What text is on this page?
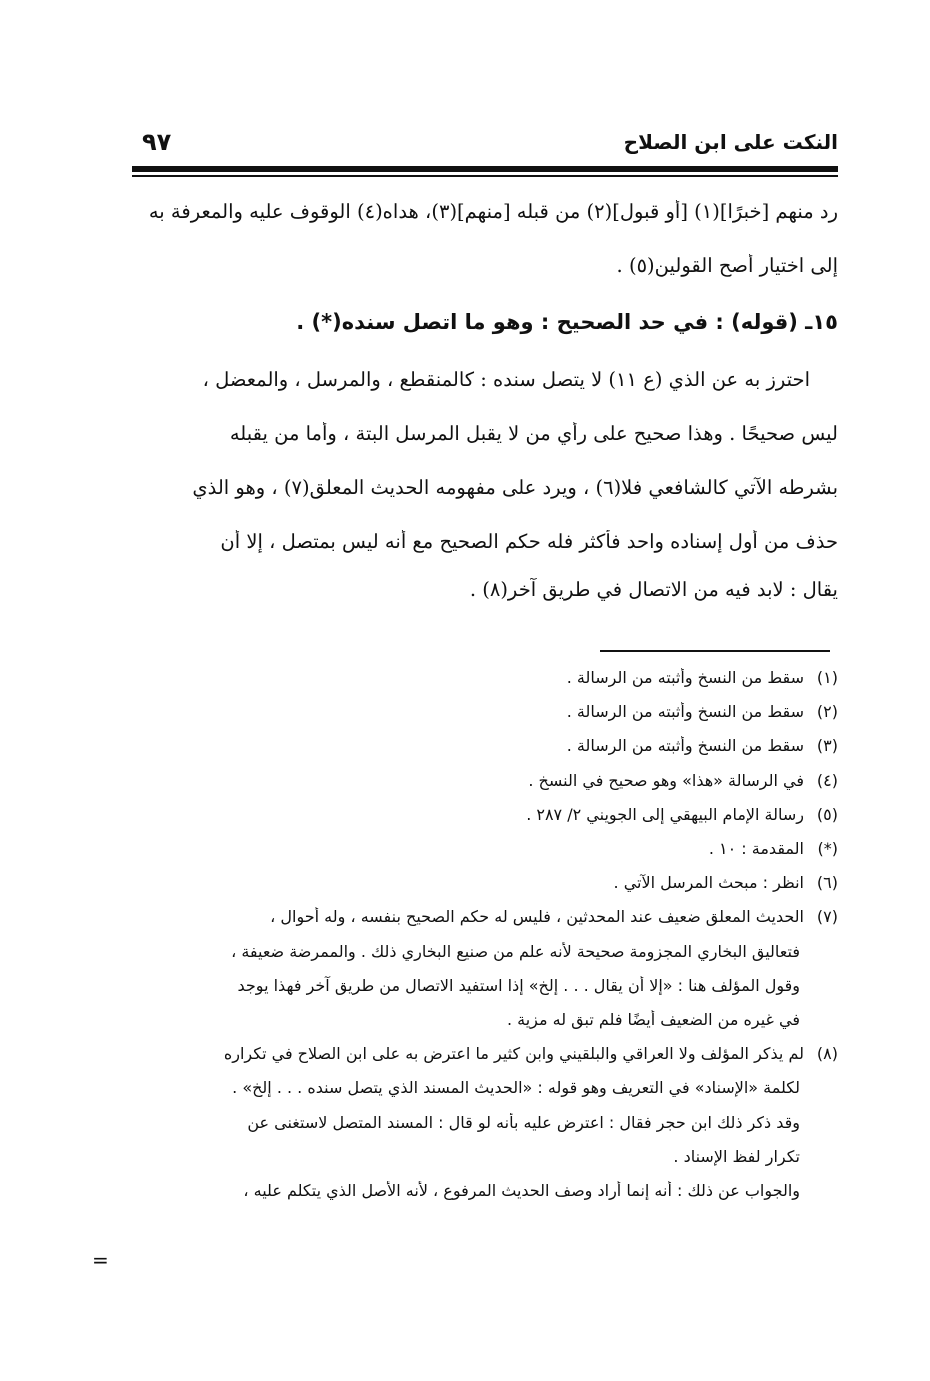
النكت على ابن الصلاح
٩٧
رد منهم [خبرًا](١) [أو قبول](٢) من قبله [منهم](٣)، هداه(٤) الوقوف عليه والمعرفة به
إلى اختيار أصح القولين(٥) .
١٥ـ (قوله) : في حد الصحيح : وهو ما اتصل سنده(*) .
احترز به عن الذي (ع ١١) لا يتصل سنده : كالمنقطع ، والمرسل ، والمعضل ،
ليس صحيحًا . وهذا صحيح على رأي من لا يقبل المرسل البتة ، وأما من يقبله
بشرطه الآتي كالشافعي فلا(٦) ، ويرد على مفهومه الحديث المعلق(٧) ، وهو الذي
حذف من أول إسناده واحد فأكثر فله حكم الصحيح مع أنه ليس بمتصل ، إلا أن
يقال : لابد فيه من الاتصال في طريق آخر(٨) .
(١)سقط من النسخ وأثبته من الرسالة .
(٢)سقط من النسخ وأثبته من الرسالة .
(٣)سقط من النسخ وأثبته من الرسالة .
(٤)في الرسالة «هذا» وهو صحيح في النسخ .
(٥)رسالة الإمام البيهقي إلى الجويني ٢/ ٢٨٧ .
(*)المقدمة : ١٠ .
(٦)انظر : مبحث المرسل الآتي .
(٧)الحديث المعلق ضعيف عند المحدثين ، فليس له حكم الصحيح بنفسه ، وله أحوال ،
فتعاليق البخاري المجزومة صحيحة لأنه علم من صنيع البخاري ذلك . والممرضة ضعيفة ،
وقول المؤلف هنا : «إلا أن يقال . . . إلخ» إذا استفيد الاتصال من طريق آخر فهذا يوجد
في غيره من الضعيف أيضًا فلم تبق له مزية .
(٨)لم يذكر المؤلف ولا العراقي والبلقيني وابن كثير ما اعترض به على ابن الصلاح في تكراره
لكلمة «الإسناد» في التعريف وهو قوله : «الحديث المسند الذي يتصل سنده . . . إلخ» .
وقد ذكر ذلك ابن حجر فقال : اعترض عليه بأنه لو قال : المسند المتصل لاستغنى عن
تكرار لفظ الإسناد .
والجواب عن ذلك : أنه إنما أراد وصف الحديث المرفوع ، لأنه الأصل الذي يتكلم عليه ،
=
